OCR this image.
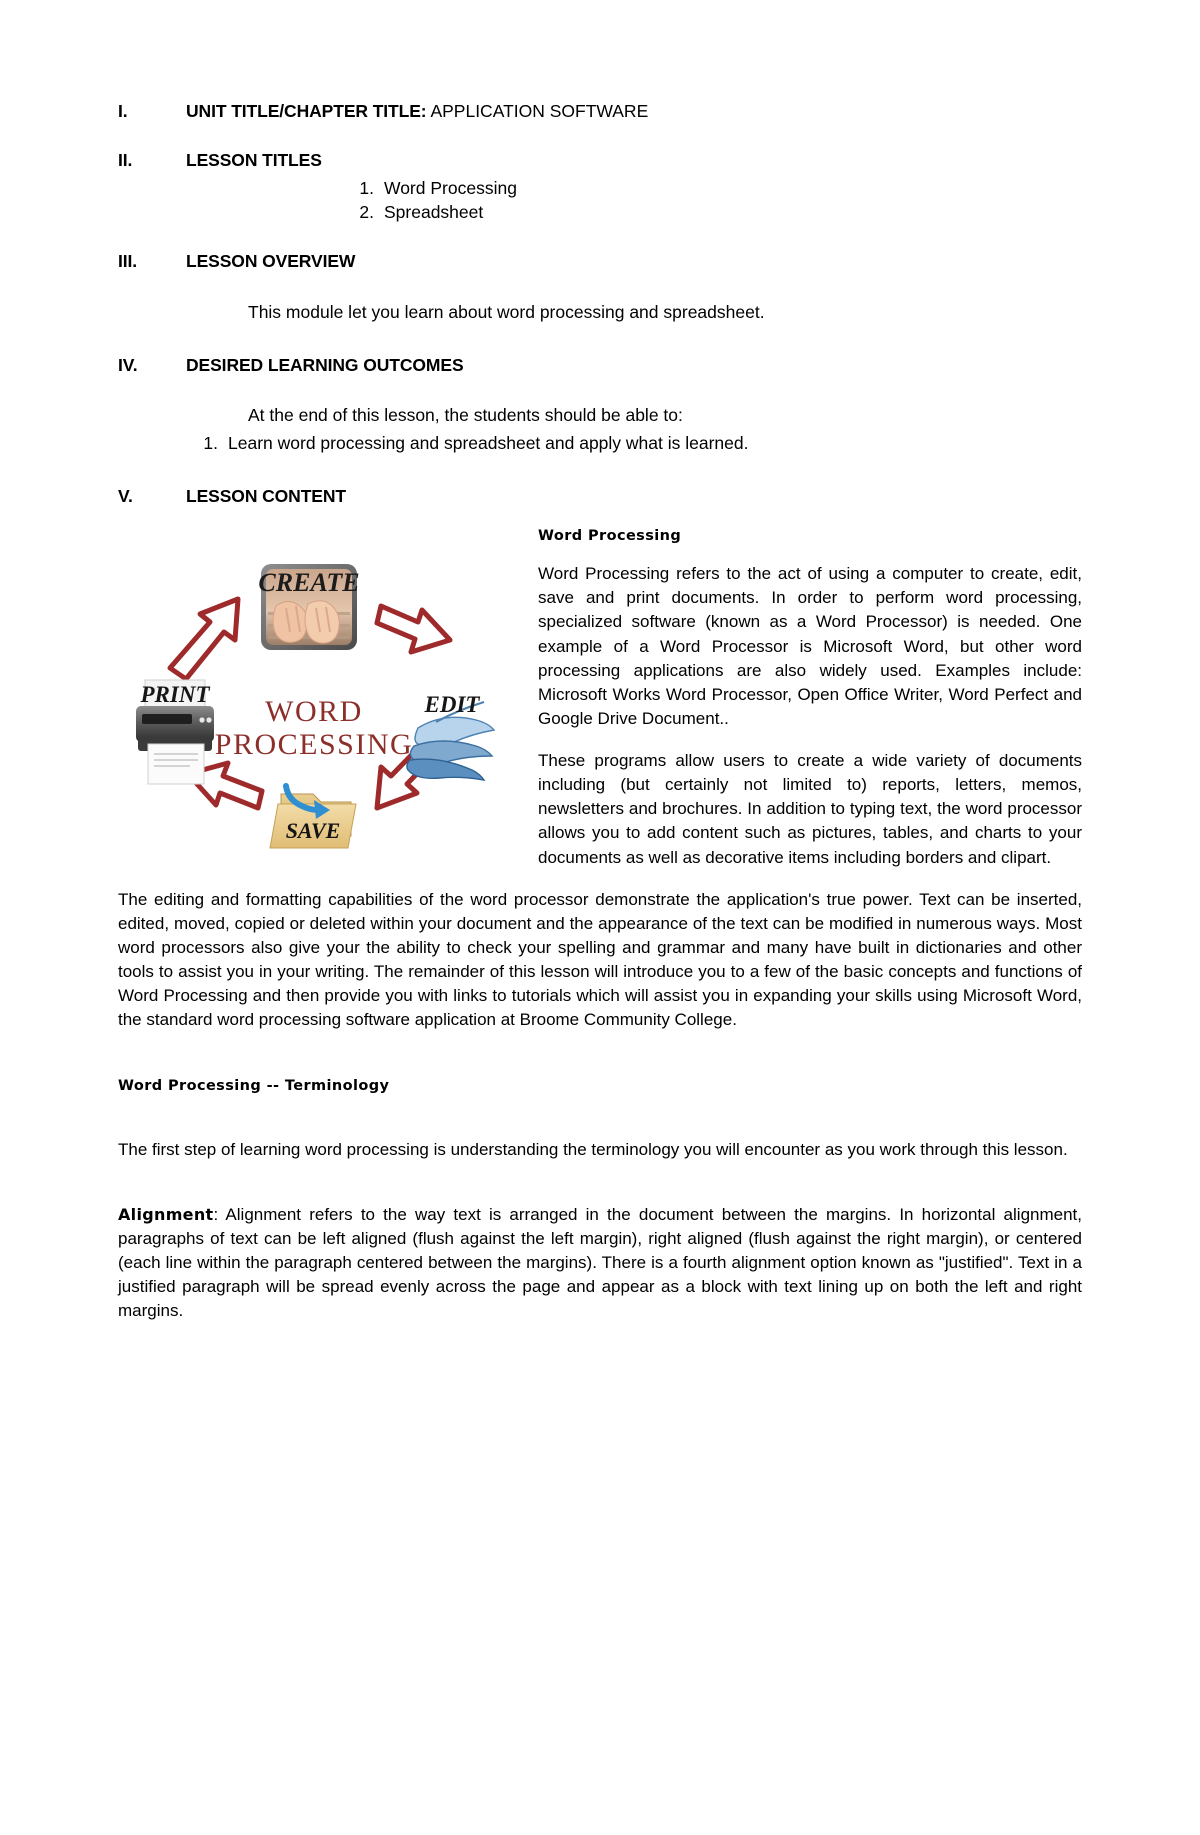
I.	UNIT TITLE/CHAPTER TITLE: APPLICATION SOFTWARE
II.	LESSON TITLES
1. Word Processing
2. Spreadsheet
III.	LESSON OVERVIEW
This module let you learn about word processing and spreadsheet.
IV.	DESIRED LEARNING OUTCOMES
At the end of this lesson, the students should be able to:
1. Learn word processing and spreadsheet and apply what is learned.
V.	LESSON CONTENT
CREATE
PRINT	EDIT
SAVE
WORD
PROCESSING
Word Processing

Word Processing refers to the act of using a computer to create, edit, save and print documents. In order to perform word processing, specialized software (known as a Word Processor) is needed. One example of a Word Processor is Microsoft Word, but other word processing applications are also widely used. Examples include: Microsoft Works Word Processor, Open Office Writer, Word Perfect and Google Drive Document..

These programs allow users to create a wide variety of documents including (but certainly not limited to) reports, letters, memos, newsletters and brochures. In addition to typing text, the word processor allows you to add content such as pictures, tables, and charts to your documents as well as decorative items including borders and clipart.

The editing and formatting capabilities of the word processor demonstrate the application's true power. Text can be inserted, edited, moved, copied or deleted within your document and the appearance of the text can be modified in numerous ways. Most word processors also give your the ability to check your spelling and grammar and many have built in dictionaries and other tools to assist you in your writing. The remainder of this lesson will introduce you to a few of the basic concepts and functions of Word Processing and then provide you with links to tutorials which will assist you in expanding your skills using Microsoft Word, the standard word processing software application at Broome Community College.

Word Processing -- Terminology

The first step of learning word processing is understanding the terminology you will encounter as you work through this lesson.

Alignment: Alignment refers to the way text is arranged in the document between the margins. In horizontal alignment, paragraphs of text can be left aligned (flush against the left margin), right aligned (flush against the right margin), or centered (each line within the paragraph centered between the margins). There is a fourth alignment option known as "justified". Text in a justified paragraph will be spread evenly across the page and appear as a block with text lining up on both the left and right margins.
